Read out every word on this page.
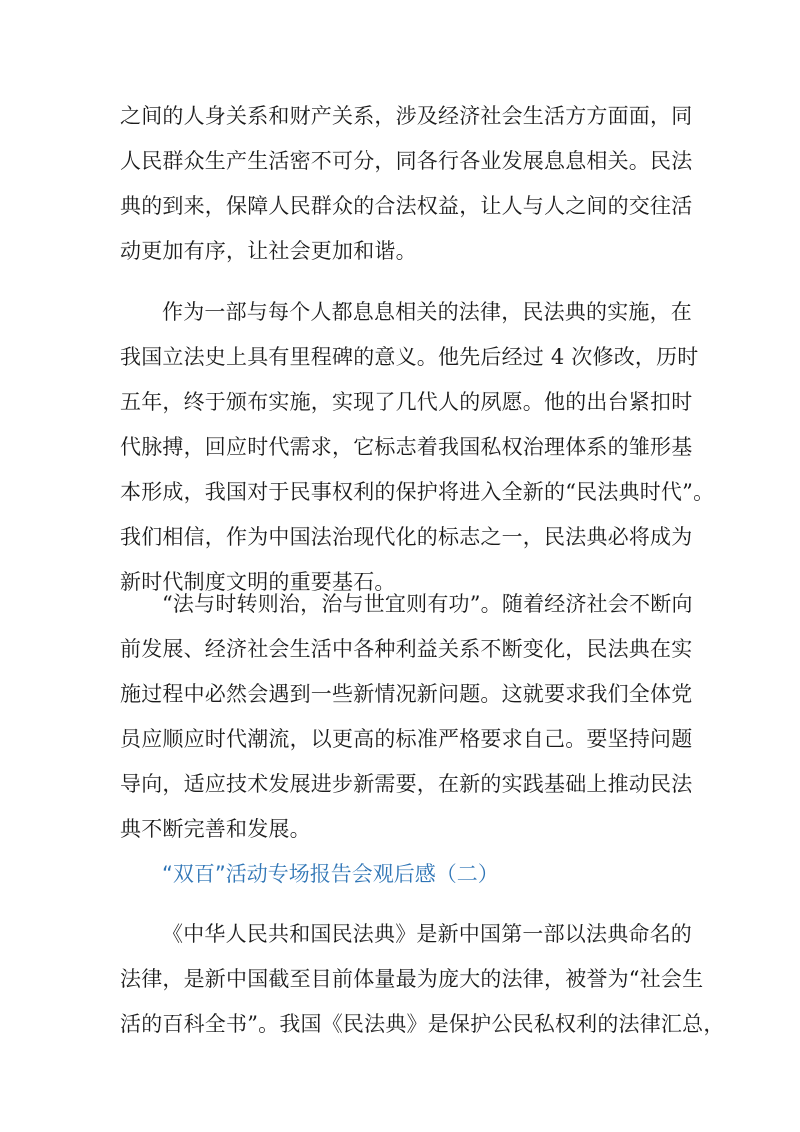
之间的人身关系和财产关系，涉及经济社会生活方方面面，同
人民群众生产生活密不可分，同各行各业发展息息相关。民法
典的到来，保障人民群众的合法权益，让人与人之间的交往活
动更加有序，让社会更加和谐。
作为一部与每个人都息息相关的法律，民法典的实施，在
我国立法史上具有里程碑的意义。他先后经过 4 次修改，历时
五年，终于颁布实施，实现了几代人的夙愿。他的出台紧扣时
代脉搏，回应时代需求，它标志着我国私权治理体系的雏形基
本形成，我国对于民事权利的保护将进入全新的“民法典时代”。
我们相信，作为中国法治现代化的标志之一，民法典必将成为
新时代制度文明的重要基石。
“法与时转则治，治与世宜则有功”。随着经济社会不断向
前发展、经济社会生活中各种利益关系不断变化，民法典在实
施过程中必然会遇到一些新情况新问题。这就要求我们全体党
员应顺应时代潮流，以更高的标准严格要求自己。要坚持问题
导向，适应技术发展进步新需要，在新的实践基础上推动民法
典不断完善和发展。
“双百”活动专场报告会观后感（二）
《中华人民共和国民法典》是新中国第一部以法典命名的
法律，是新中国截至目前体量最为庞大的法律，被誉为“社会生
活的百科全书”。我国《民法典》是保护公民私权利的法律汇总，
